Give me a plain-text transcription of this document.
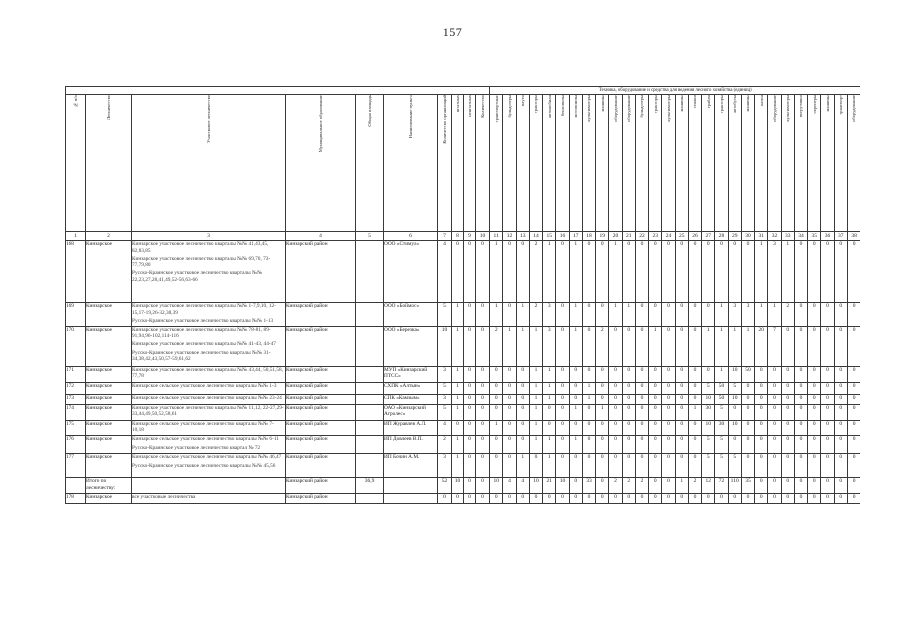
157
										Техника, оборудование и средства для ведения лесного хозяйства (единиц)																											

№ п/п	Лесничество	Участковое лесничество	Муниципальное образование	Общая площадь	Наименование пункта	Количество организаций	штатных	нештатных	Количество	транспортные	бульдозеры	плуги	тракторы	автомобили	бензопилы	мотопомпы	культиваторы	машины	оборудование	оборудование	бульдозеры	тракторы	культиваторы	машины	сеялки	грабли	тракторы	автобусы	машины	катки	оборудование	культиваторы	погрузчики	скреперы	машины	транспорт	оборудование

1	2	3	4	5	6	7	8	9	10	11	12	13	14	15	16	17	18	19	20	21	22	23	24	25	26	27	28	29	30	31	32	33	34	35	36	37	38
168	Кинзарское	Кинзарское участковое лесничество кварталы №№ 41,43,45, 82,83,85
Кинзарское участковое лесничество кварталы №№ 69,70, 73-77,79,80
Русско-Краинское участковое лесничество кварталы №№ 22,23,27,28,41,49,52-56,63-66	Кинзарский район		ООО «Стимул»	4	0	0	0	1	0	0	2	1	0	1	0	0	1	0	0	0	0	0	0	0	0	0	0	1	3	1	0	0	0	0	0
169	Кинзарское	Кинзарское участковое лесничество кварталы №№ 1-7,9,10, 12-15,17-19,26-32,38,39
Русско-Краинское участковое лесничество кварталы №№ 1-13	Кинзарский район		ООО «Боймос»	5	1	0	0	1	0	1	2	3	0	1	0	0	1	1	0	0	0	0	0	0	1	3	3	1	1	2	0	0	0	0	0
170	Кинзарское	Кинзарское участковое лесничество кварталы №№ 78-81, 89-91,94,96-102,114-116
Кинзарское участковое лесничество кварталы №№ 41-43, 44-47
Русско-Краинское участковое лесничество кварталы №№ 31-34,38,42,43,50,57-59,61,62	Кинзарский район		ООО «Березка»	10	1	0	0	2	1	1	1	3	0	1	0	2	0	0	0	1	0	0	0	1	1	1	1	20	7	0	0	0	0	0	0
171	Кинзарское	Кинзарское участковое лесничество кварталы №№ 43,44, 50,51,58, 77,78	Кинзарский район		МУП «Кинзарский ПТСС»	3	1	0	0	0	0	0	1	1	0	0	0	0	0	0	0	0	0	0	0	0	1	10	50	0	0	0	0	0	0	0	0
172	Кинзарское	Кинзарское сельское участковое лесничество кварталы №№ 1-3	Кинзарский район		СХПК «Алтын»	5	1	0	0	0	0	0	1	1	0	0	1	0	0	0	0	0	0	0	0	5	50	5	0	0	0	0	0	0	0	0	0
173	Кинзарское	Кинзарское сельское участковое лесничество кварталы №№ 23-24	Кинзарский район		СПК «Камзым»	3	1	0	0	0	0	0	1	1	0	0	1	0	0	0	0	0	0	0	0	10	50	10	0	0	0	0	0	0	0	0	0
174	Кинзарское	Кинзарское участковое лесничество кварталы №№ 11,12, 22-27,29-33,44,49,50,52,58,61	Кинзарский район		ОАО «Кинзарский Агролес»	5	1	0	0	0	0	0	1	0	0	1	0	1	0	0	0	0	0	0	1	30	5	0	0	0	0	0	0	0	0	0	0
175	Кинзарское	Кинзарское сельское участковое лесничество кварталы №№ 7-10,18	Кинзарский район		ИП Журавлев А.Л.	4	0	0	0	1	0	0	1	0	0	0	0	0	0	0	0	0	0	0	0	10	30	10	0	0	0	0	0	0	0	0	0
176	Кинзарское	Кинзарское сельское участковое лесничество кварталы №№ 6-11
Русско-Краинское участковое лесничество квартал № 72	Кинзарский район		ИП Довлеев В.П.	2	1	0	0	0	0	0	1	1	0	1	0	0	0	0	0	0	0	0	0	5	5	0	0	0	0	0	0	0	0	0	0
177	Кинзарское	Кинзарское сельское участковое лесничество кварталы №№ 46,47
Русско-Краинское участковое лесничество кварталы №№ 45,56	Кинзарский район		ИП Бочин А.М.	3	1	0	0	0	0	1	0	1	0	0	0	0	0	0	0	0	0	0	0	5	5	5	0	0	0	0	0	0	0	0	0
	Итого по лесничеству:		Кинзарский район	36,9		52	10	0	0	10	4	4	10	21	10	0	33	0	2	2	2	0	0	1	2	12	72	110	35	0	0	0	0	0	0	0	0
178	Кинзарское	все участковые лесничества	Кинзарский район			0	0	0	0	0	0	0	0	0	0	0	0	0	0	0	0	0	0	0	0	0	0	0	0	0	0	0	0	0	0	0	0
